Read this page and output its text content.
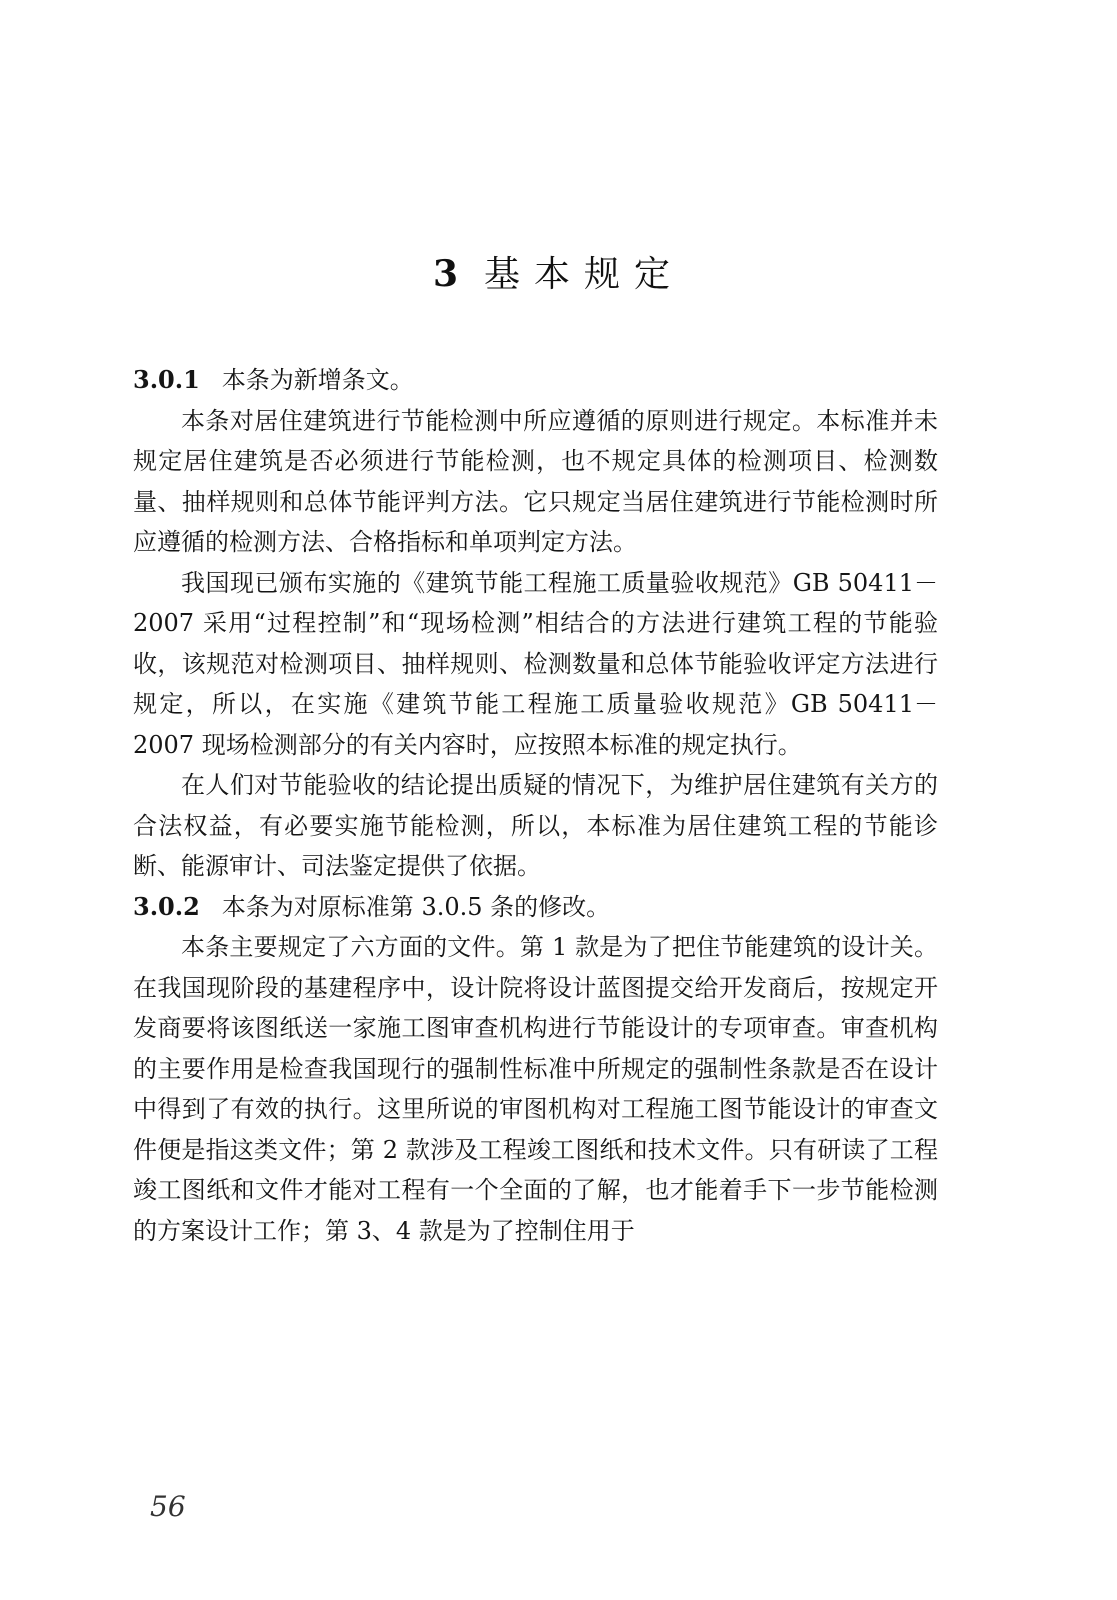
3 基本规定

3.0.1 本条为新增条文。

本条对居住建筑进行节能检测中所应遵循的原则进行规定。本标准并未规定居住建筑是否必须进行节能检测，也不规定具体的检测项目、检测数量、抽样规则和总体节能评判方法。它只规定当居住建筑进行节能检测时所应遵循的检测方法、合格指标和单项判定方法。

我国现已颁布实施的《建筑节能工程施工质量验收规范》GB 50411－2007 采用“过程控制”和“现场检测”相结合的方法进行建筑工程的节能验收，该规范对检测项目、抽样规则、检测数量和总体节能验收评定方法进行规定，所以，在实施《建筑节能工程施工质量验收规范》GB 50411－2007 现场检测部分的有关内容时，应按照本标准的规定执行。

在人们对节能验收的结论提出质疑的情况下，为维护居住建筑有关方的合法权益，有必要实施节能检测，所以，本标准为居住建筑工程的节能诊断、能源审计、司法鉴定提供了依据。

3.0.2 本条为对原标准第 3.0.5 条的修改。

本条主要规定了六方面的文件。第 1 款是为了把住节能建筑的设计关。在我国现阶段的基建程序中，设计院将设计蓝图提交给开发商后，按规定开发商要将该图纸送一家施工图审查机构进行节能设计的专项审查。审查机构的主要作用是检查我国现行的强制性标准中所规定的强制性条款是否在设计中得到了有效的执行。这里所说的审图机构对工程施工图节能设计的审查文件便是指这类文件；第 2 款涉及工程竣工图纸和技术文件。只有研读了工程竣工图纸和文件才能对工程有一个全面的了解，也才能着手下一步节能检测的方案设计工作；第 3、4 款是为了控制住用于

56
